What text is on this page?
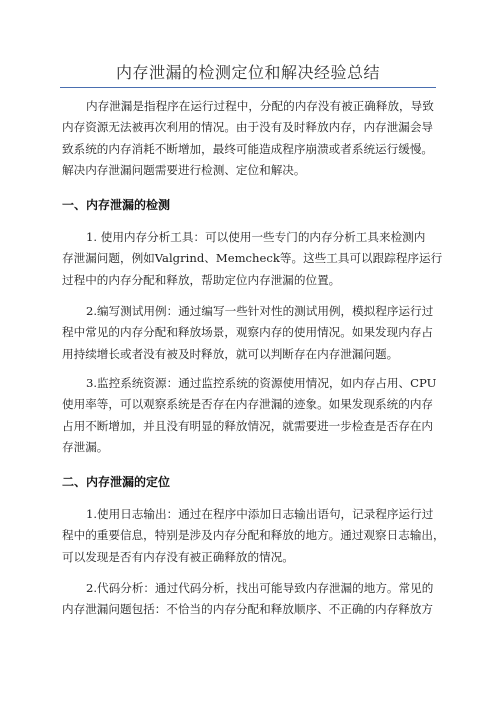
内存泄漏的检测定位和解决经验总结
内存泄漏是指程序在运行过程中，分配的内存没有被正确释放，导致
内存资源无法被再次利用的情况。由于没有及时释放内存，内存泄漏会导
致系统的内存消耗不断增加，最终可能造成程序崩溃或者系统运行缓慢。
解决内存泄漏问题需要进行检测、定位和解决。
一、内存泄漏的检测
1. 使用内存分析工具：可以使用一些专门的内存分析工具来检测内
存泄漏问题，例如Valgrind、Memcheck等。这些工具可以跟踪程序运行
过程中的内存分配和释放，帮助定位内存泄漏的位置。
2.编写测试用例：通过编写一些针对性的测试用例，模拟程序运行过
程中常见的内存分配和释放场景，观察内存的使用情况。如果发现内存占
用持续增长或者没有被及时释放，就可以判断存在内存泄漏问题。
3.监控系统资源：通过监控系统的资源使用情况，如内存占用、CPU
使用率等，可以观察系统是否存在内存泄漏的迹象。如果发现系统的内存
占用不断增加，并且没有明显的释放情况，就需要进一步检查是否存在内
存泄漏。
二、内存泄漏的定位
1.使用日志输出：通过在程序中添加日志输出语句，记录程序运行过
程中的重要信息，特别是涉及内存分配和释放的地方。通过观察日志输出，
可以发现是否有内存没有被正确释放的情况。
2.代码分析：通过代码分析，找出可能导致内存泄漏的地方。常见的
内存泄漏问题包括：不恰当的内存分配和释放顺序、不正确的内存释放方
